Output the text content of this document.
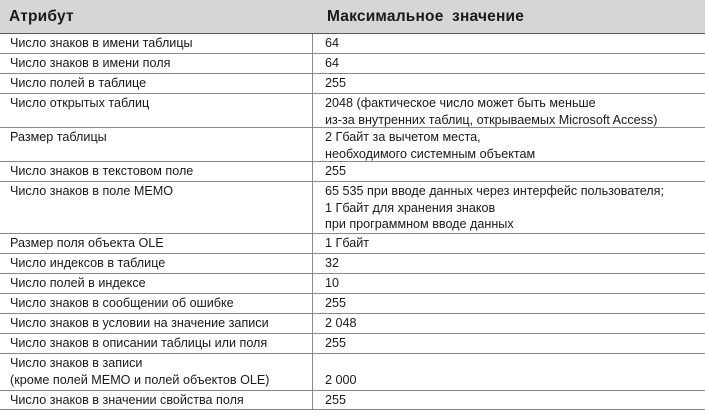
Атрибут	Максимальное значение
Число знаков в имени таблицы	64
Число знаков в имени поля	64
Число полей в таблице	255
Число открытых таблиц	2048 (фактическое число может быть меньше
из-за внутренних таблиц, открываемых Microsoft Access)
Размер таблицы	2 Гбайт за вычетом места,
необходимого системным объектам
Число знаков в текстовом поле	255
Число знаков в поле MEMO	65 535 при вводе данных через интерфейс пользователя;
1 Гбайт для хранения знаков
при программном вводе данных
Размер поля объекта OLE	1 Гбайт
Число индексов в таблице	32
Число полей в индексе	10
Число знаков в сообщении об ошибке	255
Число знаков в условии на значение записи	2 048
Число знаков в описании таблицы или поля	255
Число знаков в записи
(кроме полей MEMO и полей объектов OLE)
	2 000
Число знаков в значении свойства поля	255
